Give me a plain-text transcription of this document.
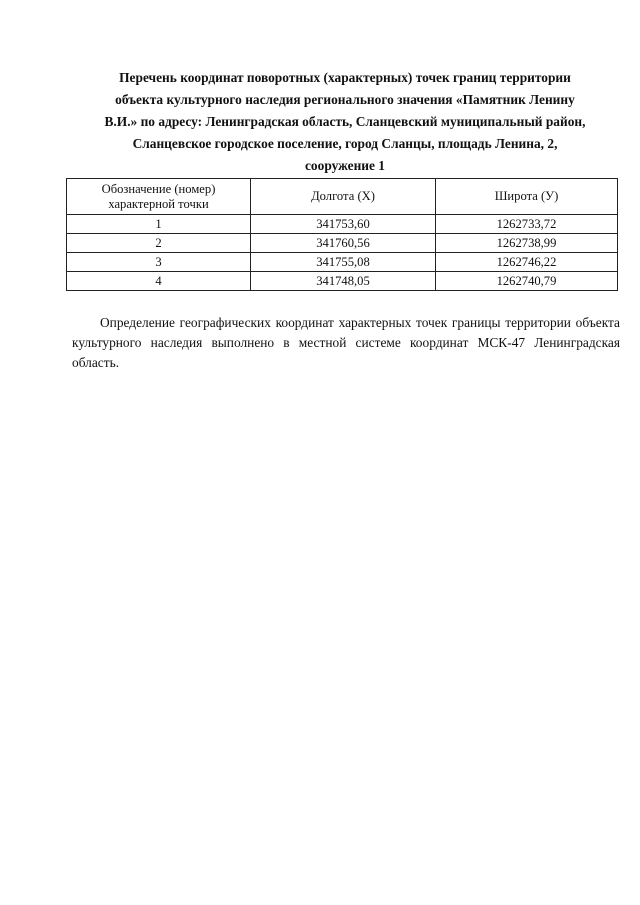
Перечень координат поворотных (характерных) точек границ территории
объекта культурного наследия регионального значения «Памятник Ленину
В.И.» по адресу: Ленинградская область, Сланцевский муниципальный район,
Сланцевское городское поселение, город Сланцы, площадь Ленина, 2,
сооружение 1
Обозначение (номер)
характерной точки	Долгота (X)	Широта (У)
1	341753,60	1262733,72
2	341760,56	1262738,99
3	341755,08	1262746,22
4	341748,05	1262740,79

Определение географических координат характерных точек границы территории объекта культурного наследия выполнено в местной системе координат МСК-47 Ленинградская область.
